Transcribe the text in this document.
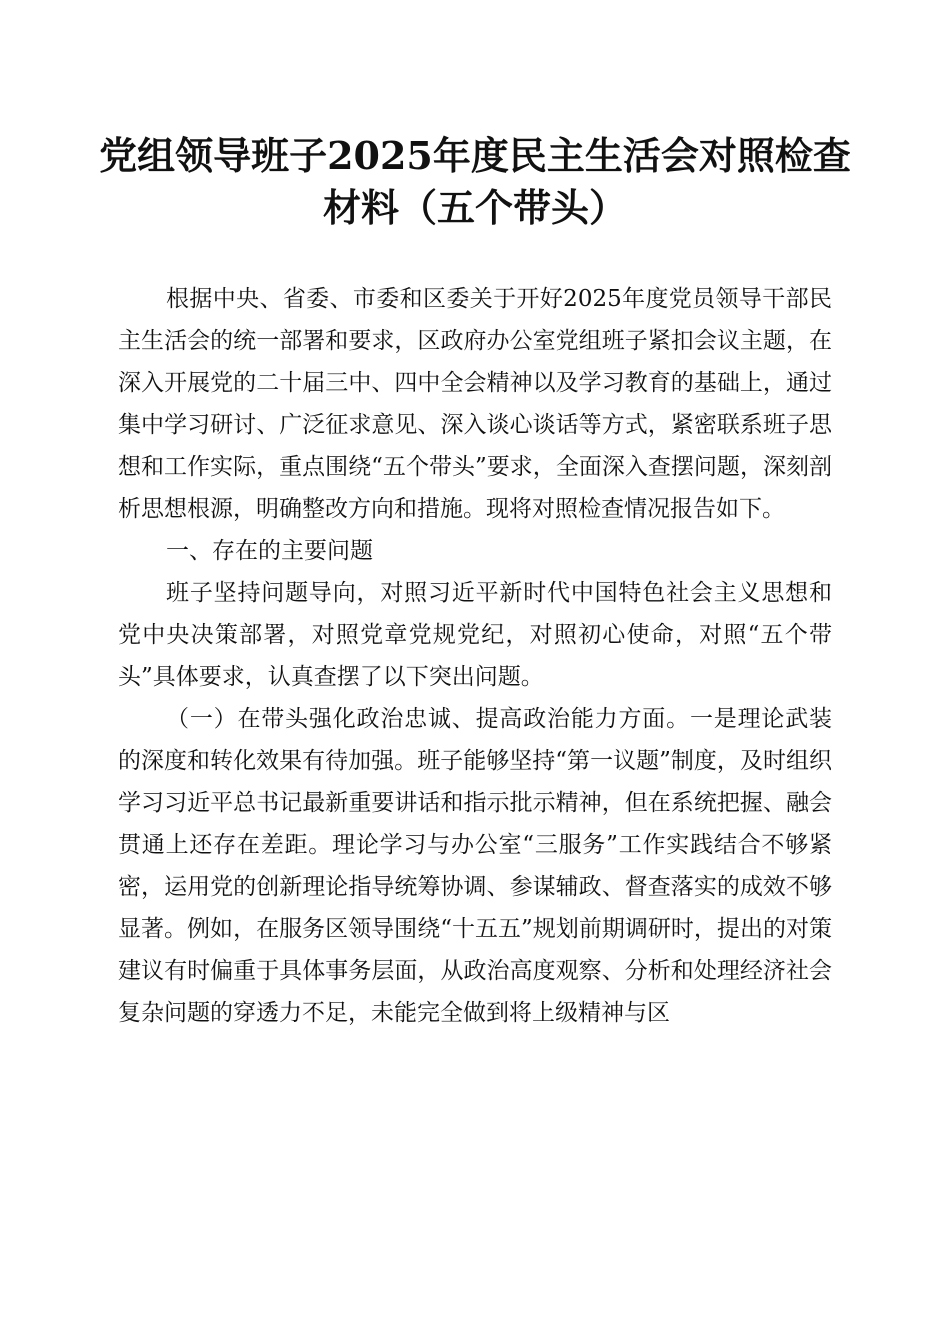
党组领导班子2025年度民主生活会对照检查
材料（五个带头）

根据中央、省委、市委和区委关于开好2025年度党员领导干部民主生活会的统一部署和要求，区政府办公室党组班子紧扣会议主题，在深入开展党的二十届三中、四中全会精神以及学习教育的基础上，通过集中学习研讨、广泛征求意见、深入谈心谈话等方式，紧密联系班子思想和工作实际，重点围绕“五个带头”要求，全面深入查摆问题，深刻剖析思想根源，明确整改方向和措施。现将对照检查情况报告如下。

一、存在的主要问题

班子坚持问题导向，对照习近平新时代中国特色社会主义思想和党中央决策部署，对照党章党规党纪，对照初心使命，对照“五个带头”具体要求，认真查摆了以下突出问题。

（一）在带头强化政治忠诚、提高政治能力方面。一是理论武装的深度和转化效果有待加强。班子能够坚持“第一议题”制度，及时组织学习习近平总书记最新重要讲话和指示批示精神，但在系统把握、融会贯通上还存在差距。理论学习与办公室“三服务”工作实践结合不够紧密，运用党的创新理论指导统筹协调、参谋辅政、督查落实的成效不够显著。例如，在服务区领导围绕“十五五”规划前期调研时，提出的对策建议有时偏重于具体事务层面，从政治高度观察、分析和处理经济社会复杂问题的穿透力不足，未能完全做到将上级精神与区
